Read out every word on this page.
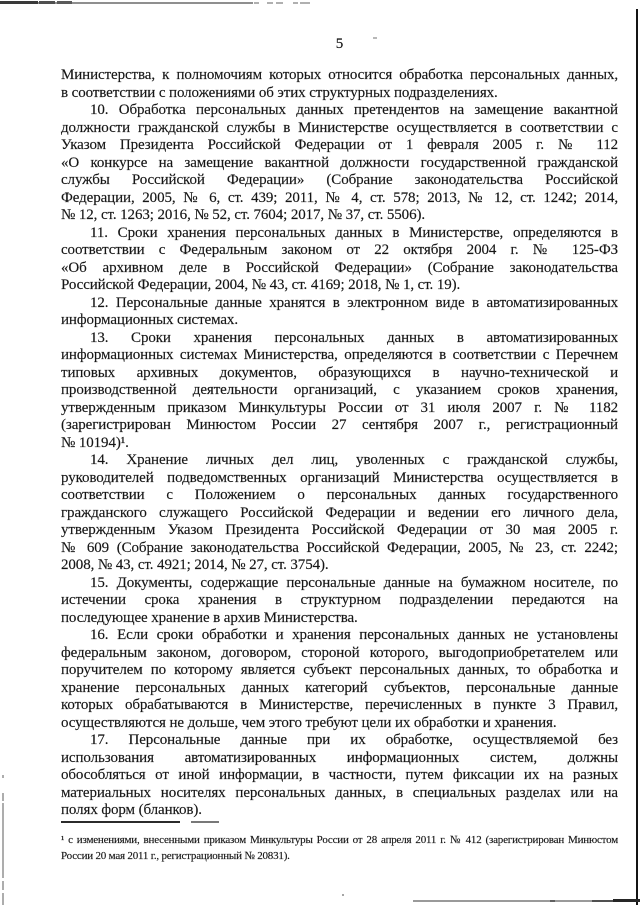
5
Министерства, к полномочиям которых относится обработка персональных данных,
в соответствии с положениями об этих структурных подразделениях.
10. Обработка персональных данных претендентов на замещение вакантной
должности гражданской службы в Министерстве осуществляется в соответствии с
Указом Президента Российской Федерации от 1 февраля 2005 г. № 112
«О конкурсе на замещение вакантной должности государственной гражданской
службы Российской Федерации» (Собрание законодательства Российской
Федерации, 2005, № 6, ст. 439; 2011, № 4, ст. 578; 2013, № 12, ст. 1242; 2014,
№ 12, ст. 1263; 2016, № 52, ст. 7604; 2017, № 37, ст. 5506).
11. Сроки хранения персональных данных в Министерстве, определяются в
соответствии с Федеральным законом от 22 октября 2004 г. № 125-ФЗ
«Об архивном деле в Российской Федерации» (Собрание законодательства
Российской Федерации, 2004, № 43, ст. 4169; 2018, № 1, ст. 19).
12. Персональные данные хранятся в электронном виде в автоматизированных
информационных системах.
13. Сроки хранения персональных данных в автоматизированных
информационных системах Министерства, определяются в соответствии с Перечнем
типовых архивных документов, образующихся в научно-технической и
производственной деятельности организаций, с указанием сроков хранения,
утвержденным приказом Минкультуры России от 31 июля 2007 г. № 1182
(зарегистрирован Минюстом России 27 сентября 2007 г., регистрационный
№ 10194)¹.
14. Хранение личных дел лиц, уволенных с гражданской службы,
руководителей подведомственных организаций Министерства осуществляется в
соответствии с Положением о персональных данных государственного
гражданского служащего Российской Федерации и ведении его личного дела,
утвержденным Указом Президента Российской Федерации от 30 мая 2005 г.
№ 609 (Собрание законодательства Российской Федерации, 2005, № 23, ст. 2242;
2008, № 43, ст. 4921; 2014, № 27, ст. 3754).
15. Документы, содержащие персональные данные на бумажном носителе, по
истечении срока хранения в структурном подразделении передаются на
последующее хранение в архив Министерства.
16. Если сроки обработки и хранения персональных данных не установлены
федеральным законом, договором, стороной которого, выгодоприобретателем или
поручителем по которому является субъект персональных данных, то обработка и
хранение персональных данных категорий субъектов, персональные данные
которых обрабатываются в Министерстве, перечисленных в пункте 3 Правил,
осуществляются не дольше, чем этого требуют цели их обработки и хранения.
17. Персональные данные при их обработке, осуществляемой без
использования автоматизированных информационных систем, должны
обособляться от иной информации, в частности, путем фиксации их на разных
материальных носителях персональных данных, в специальных разделах или на
полях форм (бланков).
¹ с изменениями, внесенными приказом Минкультуры России от 28 апреля 2011 г. № 412 (зарегистрирован Минюстом
России 20 мая 2011 г., регистрационный № 20831).
